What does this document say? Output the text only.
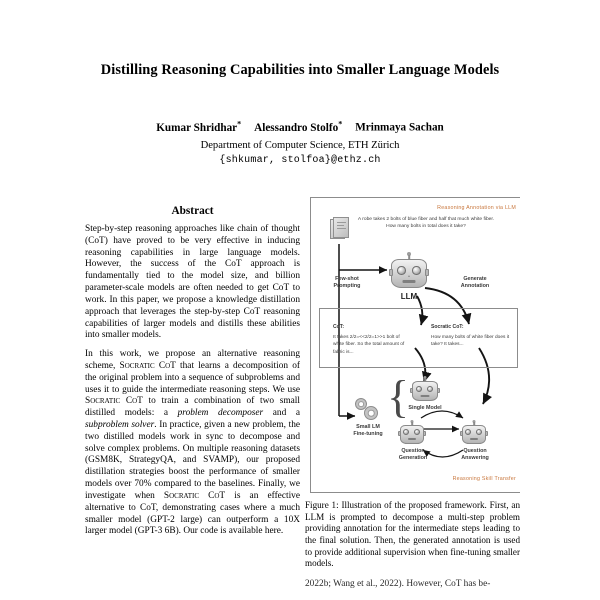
Distilling Reasoning Capabilities into Smaller Language Models
Kumar Shridhar* Alessandro Stolfo* Mrinmaya Sachan
Department of Computer Science, ETH Zürich
{shkumar, stolfoa}@ethz.ch
Abstract

Step-by-step reasoning approaches like chain of thought (CoT) have proved to be very effective in inducing reasoning capabilities in large language models. However, the success of the CoT approach is fundamentally tied to the model size, and billion parameter-scale models are often needed to get CoT to work. In this paper, we propose a knowledge distillation approach that leverages the step-by-step CoT reasoning capabilities of larger models and distills these abilities into smaller models.

In this work, we propose an alternative reasoning scheme, Socratic CoT that learns a decomposition of the original problem into a sequence of subproblems and uses it to guide the intermediate reasoning steps. We use Socratic CoT to train a combination of two small distilled models: a problem decomposer and a subproblem solver. In practice, given a new problem, the two distilled models work in sync to decompose and solve complex problems. On multiple reasoning datasets (GSM8K, StrategyQA, and SVAMP), our proposed distillation strategies boost the performance of smaller models over 70% compared to the baselines. Finally, we investigate when Socratic CoT is an effective alternative to CoT, demonstrating cases where a much smaller model (GPT-2 large) can outperform a 10X larger model (GPT-3 6B). Our code is available here.

Reasoning Annotation via LLM
A robe takes 2 bolts of blue fiber and half that much white fiber. How many bolts in total does it take?
Few-shot
Prompting
Generate
Annotation
LLM
CoT:
It takes 2/2=<<2/2=1>>1 bolt of white fiber. So the total amount of fabric is...
Socratic CoT:
How many bolts of white fiber does it take? It takes...
Small LM
Fine-tuning
{ Single Model
Question
Generation
Question
Answering
Reasoning Skill Transfer

Figure 1: Illustration of the proposed framework. First, an LLM is prompted to decompose a multi-step problem providing annotation for the intermediate steps leading to the final solution. Then, the generated annotation is used to provide additional supervision when fine-tuning smaller models.

2022b; Wang et al., 2022). However, CoT has be-
